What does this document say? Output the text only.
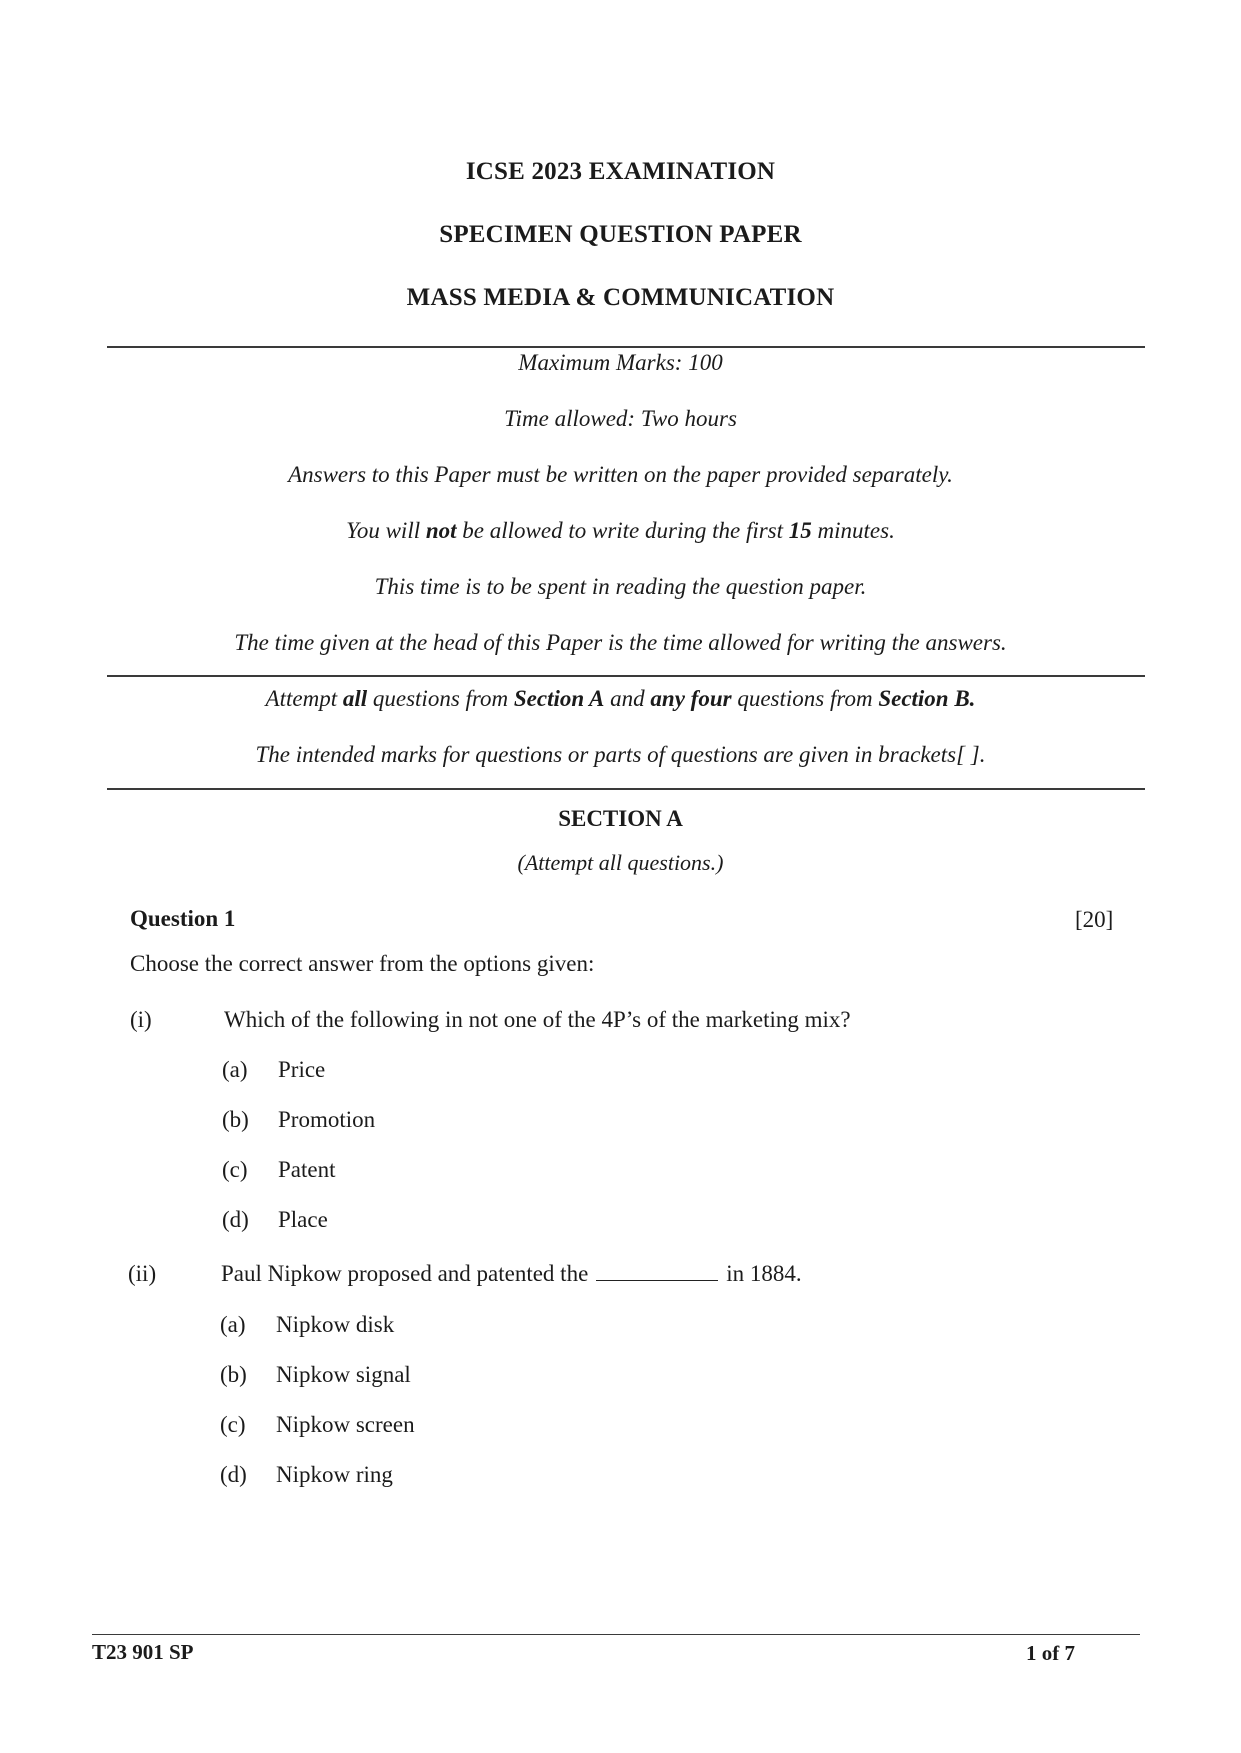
ICSE 2023 EXAMINATION
SPECIMEN QUESTION PAPER
MASS MEDIA & COMMUNICATION
Maximum Marks: 100
Time allowed: Two hours
Answers to this Paper must be written on the paper provided separately.
You will not be allowed to write during the first 15 minutes.
This time is to be spent in reading the question paper.
The time given at the head of this Paper is the time allowed for writing the answers.
Attempt all questions from Section A and any four questions from Section B.
The intended marks for questions or parts of questions are given in brackets[ ].
SECTION A
(Attempt all questions.)
Question 1	[20]
Choose the correct answer from the options given:
(i)	Which of the following in not one of the 4P’s of the marketing mix?
(a) Price
(b) Promotion
(c) Patent
(d) Place
(ii)	Paul Nipkow proposed and patented the	in 1884.
(a) Nipkow disk
(b) Nipkow signal
(c) Nipkow screen
(d) Nipkow ring
T23 901 SP	1 of 7
